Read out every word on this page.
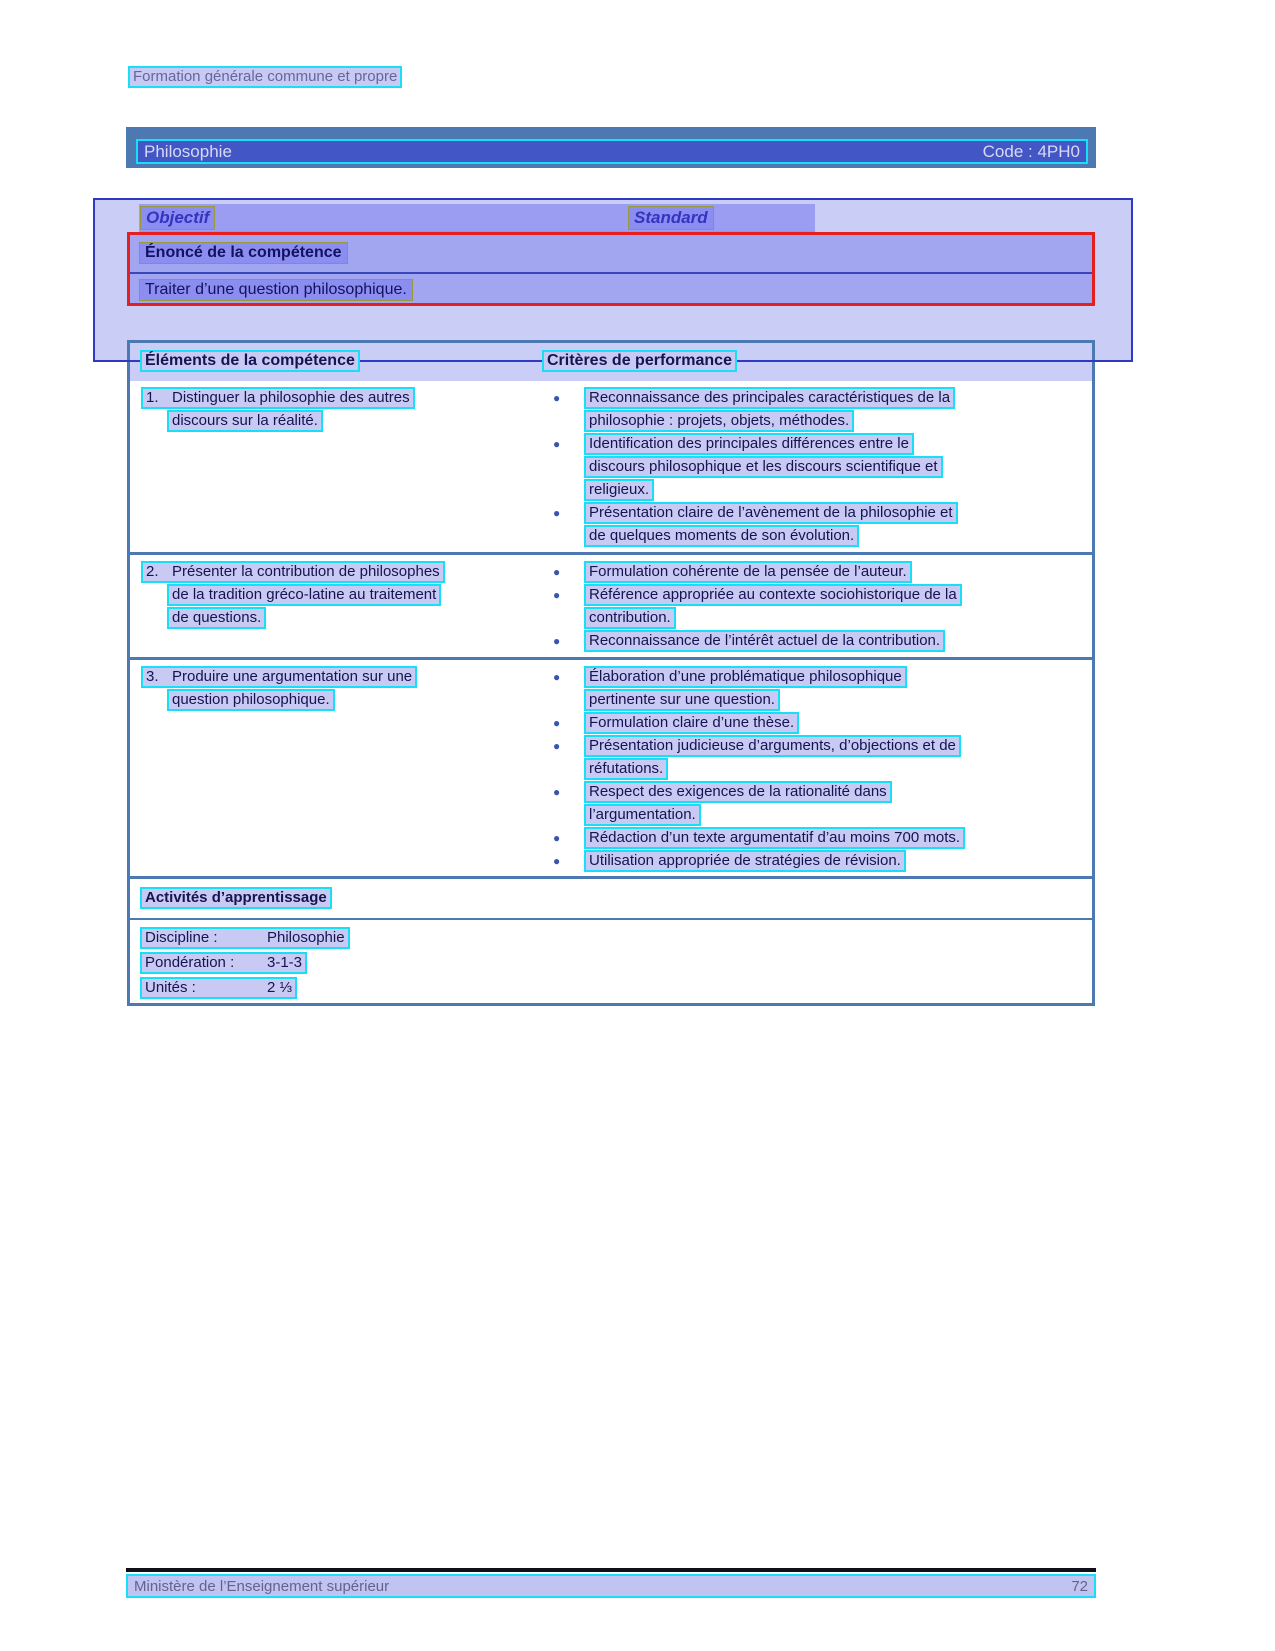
Formation générale commune et propre
Philosophie	Code : 4PH0
Objectif	Standard
Énoncé de la compétence
Traiter d’une question philosophique.
Éléments de la compétence	Critères de performance
1. Distinguer la philosophie des autres
discours sur la réalité.
●	Reconnaissance des principales caractéristiques de la
philosophie : projets, objets, méthodes.
●	Identification des principales différences entre le
discours philosophique et les discours scientifique et
religieux.
●	Présentation claire de l’avènement de la philosophie et
de quelques moments de son évolution.
2. Présenter la contribution de philosophes
de la tradition gréco-latine au traitement
de questions.
●	Formulation cohérente de la pensée de l’auteur.
●	Référence appropriée au contexte sociohistorique de la
contribution.
●	Reconnaissance de l’intérêt actuel de la contribution.
3. Produire une argumentation sur une
question philosophique.
●	Élaboration d’une problématique philosophique
pertinente sur une question.
●	Formulation claire d’une thèse.
●	Présentation judicieuse d’arguments, d’objections et de
réfutations.
●	Respect des exigences de la rationalité dans
l’argumentation.
●	Rédaction d’un texte argumentatif d’au moins 700 mots.
●	Utilisation appropriée de stratégies de révision.
Activités d’apprentissage
Discipline :	Philosophie
Pondération : 3-1-3
Unités :	2 ⅓
Ministère de l’Enseignement supérieur	72
